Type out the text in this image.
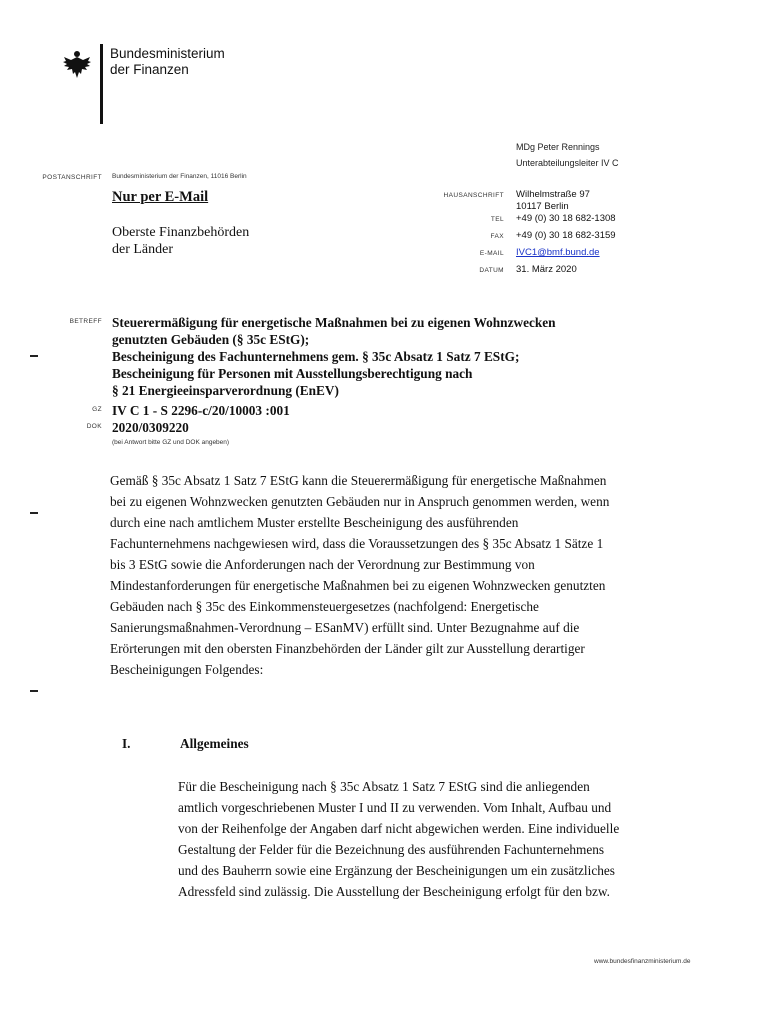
Bundesministerium
der Finanzen
MDg Peter Rennings
Unterabteilungsleiter IV C
POSTANSCHRIFT Bundesministerium der Finanzen, 11016 Berlin
Nur per E-Mail
Oberste Finanzbehörden
der Länder
HAUSANSCHRIFT Wilhelmstraße 97
10117 Berlin
TEL +49 (0) 30 18 682-1308
FAX +49 (0) 30 18 682-3159
E-MAIL IVC1@bmf.bund.de
DATUM 31. März 2020
BETREFF Steuerermäßigung für energetische Maßnahmen bei zu eigenen Wohnzwecken
genutzten Gebäuden (§ 35c EStG);
Bescheinigung des Fachunternehmens gem. § 35c Absatz 1 Satz 7 EStG;
Bescheinigung für Personen mit Ausstellungsberechtigung nach
§ 21 Energieeinsparverordnung (EnEV)
GZ IV C 1 - S 2296-c/20/10003 :001
DOK 2020/0309220
(bei Antwort bitte GZ und DOK angeben)
Gemäß § 35c Absatz 1 Satz 7 EStG kann die Steuerermäßigung für energetische Maßnahmen
bei zu eigenen Wohnzwecken genutzten Gebäuden nur in Anspruch genommen werden, wenn
durch eine nach amtlichem Muster erstellte Bescheinigung des ausführenden
Fachunternehmens nachgewiesen wird, dass die Voraussetzungen des § 35c Absatz 1 Sätze 1
bis 3 EStG sowie die Anforderungen nach der Verordnung zur Bestimmung von
Mindestanforderungen für energetische Maßnahmen bei zu eigenen Wohnzwecken genutzten
Gebäuden nach § 35c des Einkommensteuergesetzes (nachfolgend: Energetische
Sanierungsmaßnahmen-Verordnung – ESanMV) erfüllt sind. Unter Bezugnahme auf die
Erörterungen mit den obersten Finanzbehörden der Länder gilt zur Ausstellung derartiger
Bescheinigungen Folgendes:
I.	Allgemeines
Für die Bescheinigung nach § 35c Absatz 1 Satz 7 EStG sind die anliegenden
amtlich vorgeschriebenen Muster I und II zu verwenden. Vom Inhalt, Aufbau und
von der Reihenfolge der Angaben darf nicht abgewichen werden. Eine individuelle
Gestaltung der Felder für die Bezeichnung des ausführenden Fachunternehmens
und des Bauherrn sowie eine Ergänzung der Bescheinigungen um ein zusätzliches
Adressfeld sind zulässig. Die Ausstellung der Bescheinigung erfolgt für den bzw.
www.bundesfinanzministerium.de
